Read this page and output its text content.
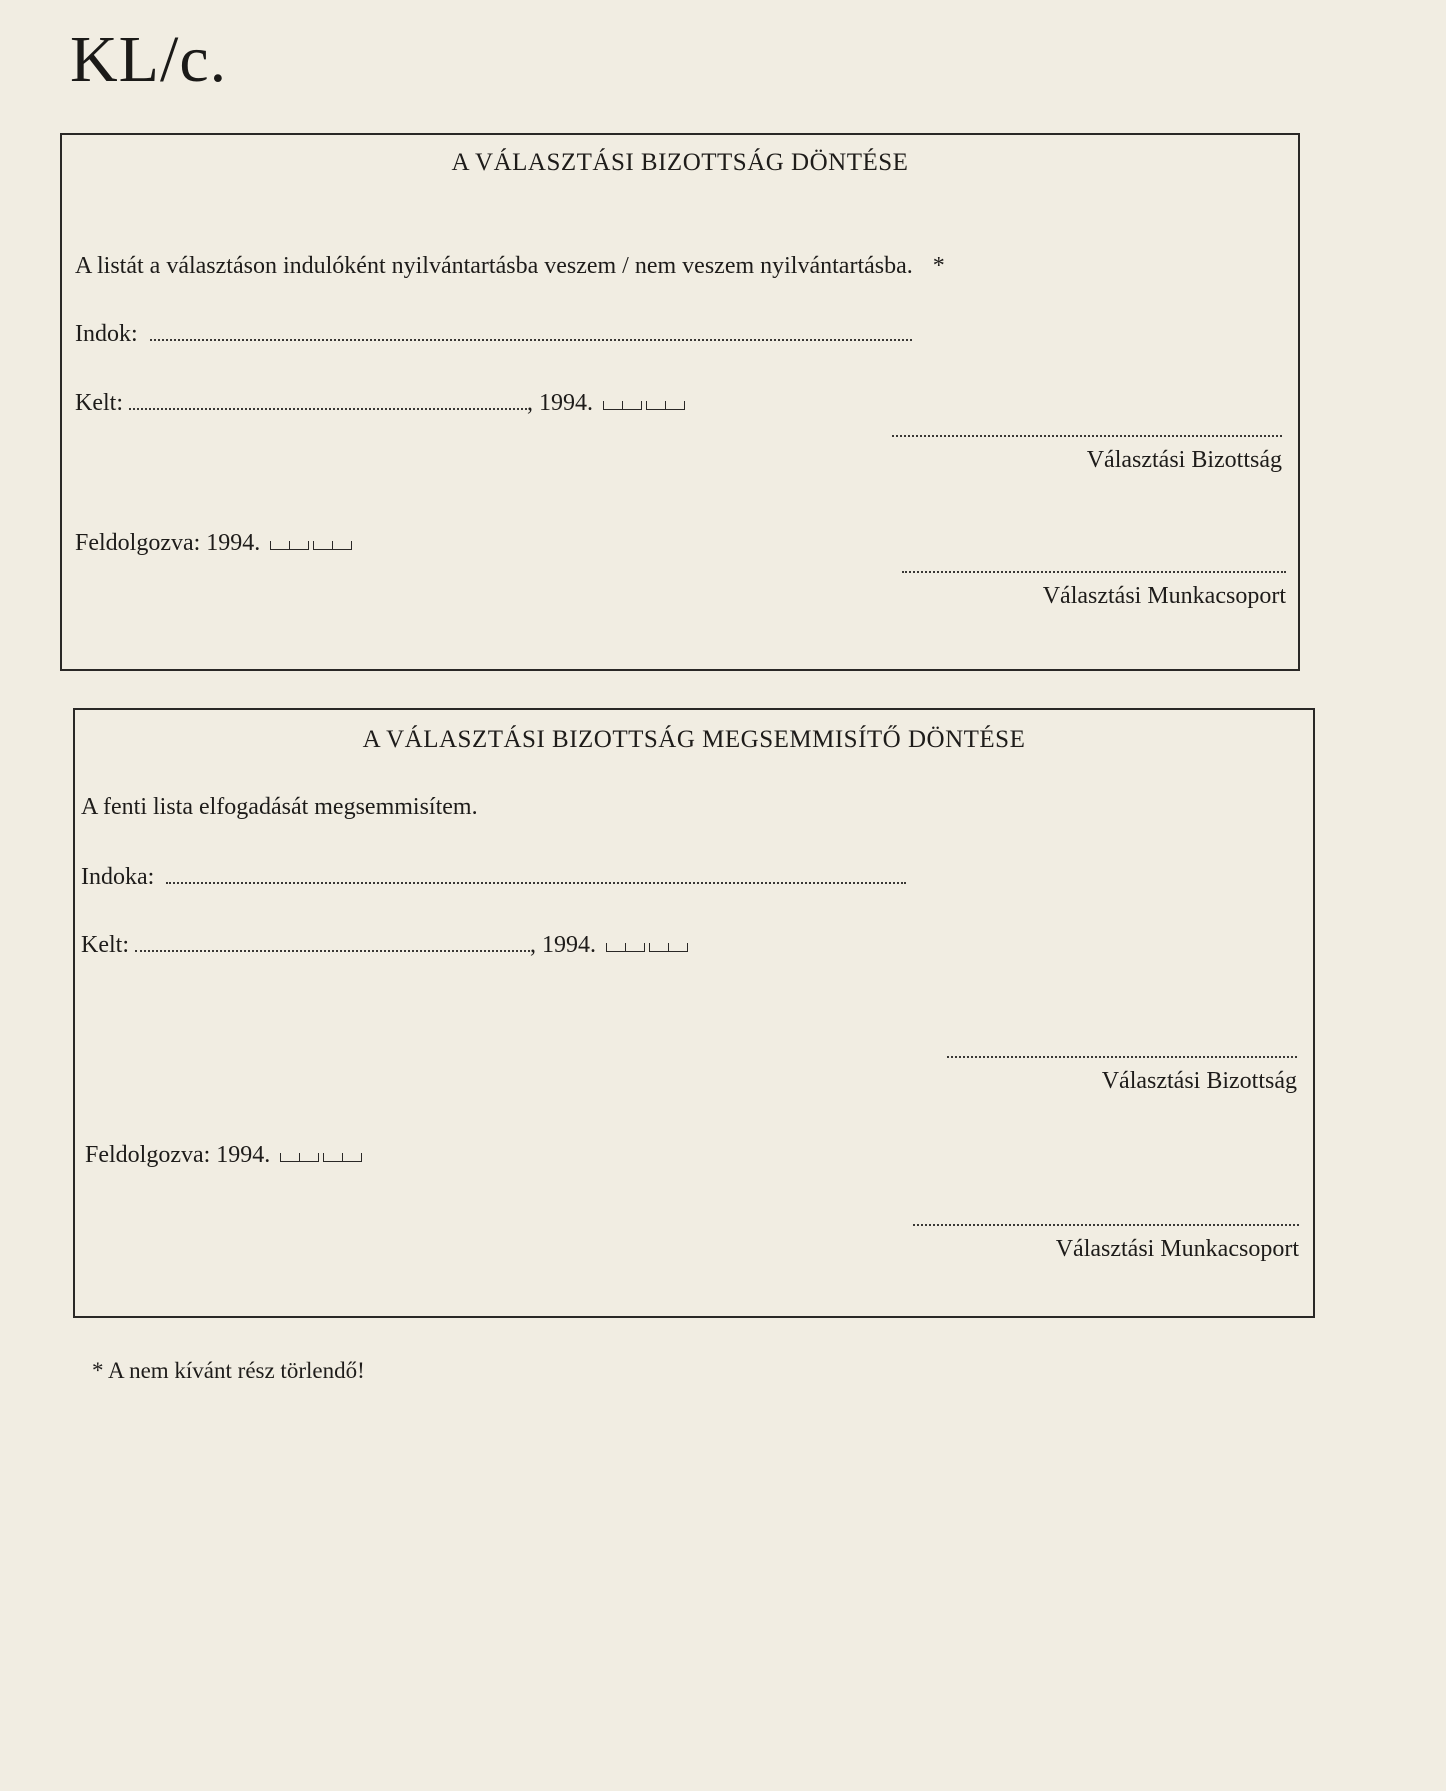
KL/c.
A VÁLASZTÁSI BIZOTTSÁG DÖNTÉSE
A listát a választáson indulóként nyilvántartásba veszem / nem veszem nyilvántartásba. *
Indok:
Kelt:	, 1994.
Választási Bizottság
Feldolgozva: 1994.
Választási Munkacsoport
A VÁLASZTÁSI BIZOTTSÁG MEGSEMMISÍTŐ DÖNTÉSE
A fenti lista elfogadását megsemmisítem.
Indoka:
Kelt:	, 1994.
Választási Bizottság
Feldolgozva: 1994.
Választási Munkacsoport
* A nem kívánt rész törlendő!
